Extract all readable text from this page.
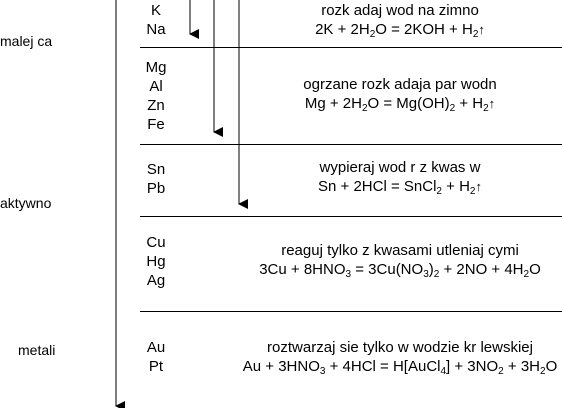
malej ca
aktywno
metali
K
Na
rozk adaj wod na zimno
$2K + 2H_2O = 2KOH$ + $H_2↑$
Mg
Al
Zn
Fe
ogrzane rozk adaja par wodn
$Mg + 2H_2O = Mg(OH)_2$ + $H_2↑$
Sn
Pb
wypieraj wod r z kwas w
Sn + 2HCl = SnCl$_2$ + $H_2↑$
Cu
Hg
Ag
reaguj tylko z kwasami utleniaj cymi
$3Cu + 8HNO_3 = 3Cu(NO_3)_2 + 2NO + 4H_2O$
Au
Pt
roztwarzaj sie tylko w wodzie kr lewskiej
$Au + 3HNO_3 + 4HCl$ = H[AuCl$_4$] + $3NO_2 + 3H_2O$
